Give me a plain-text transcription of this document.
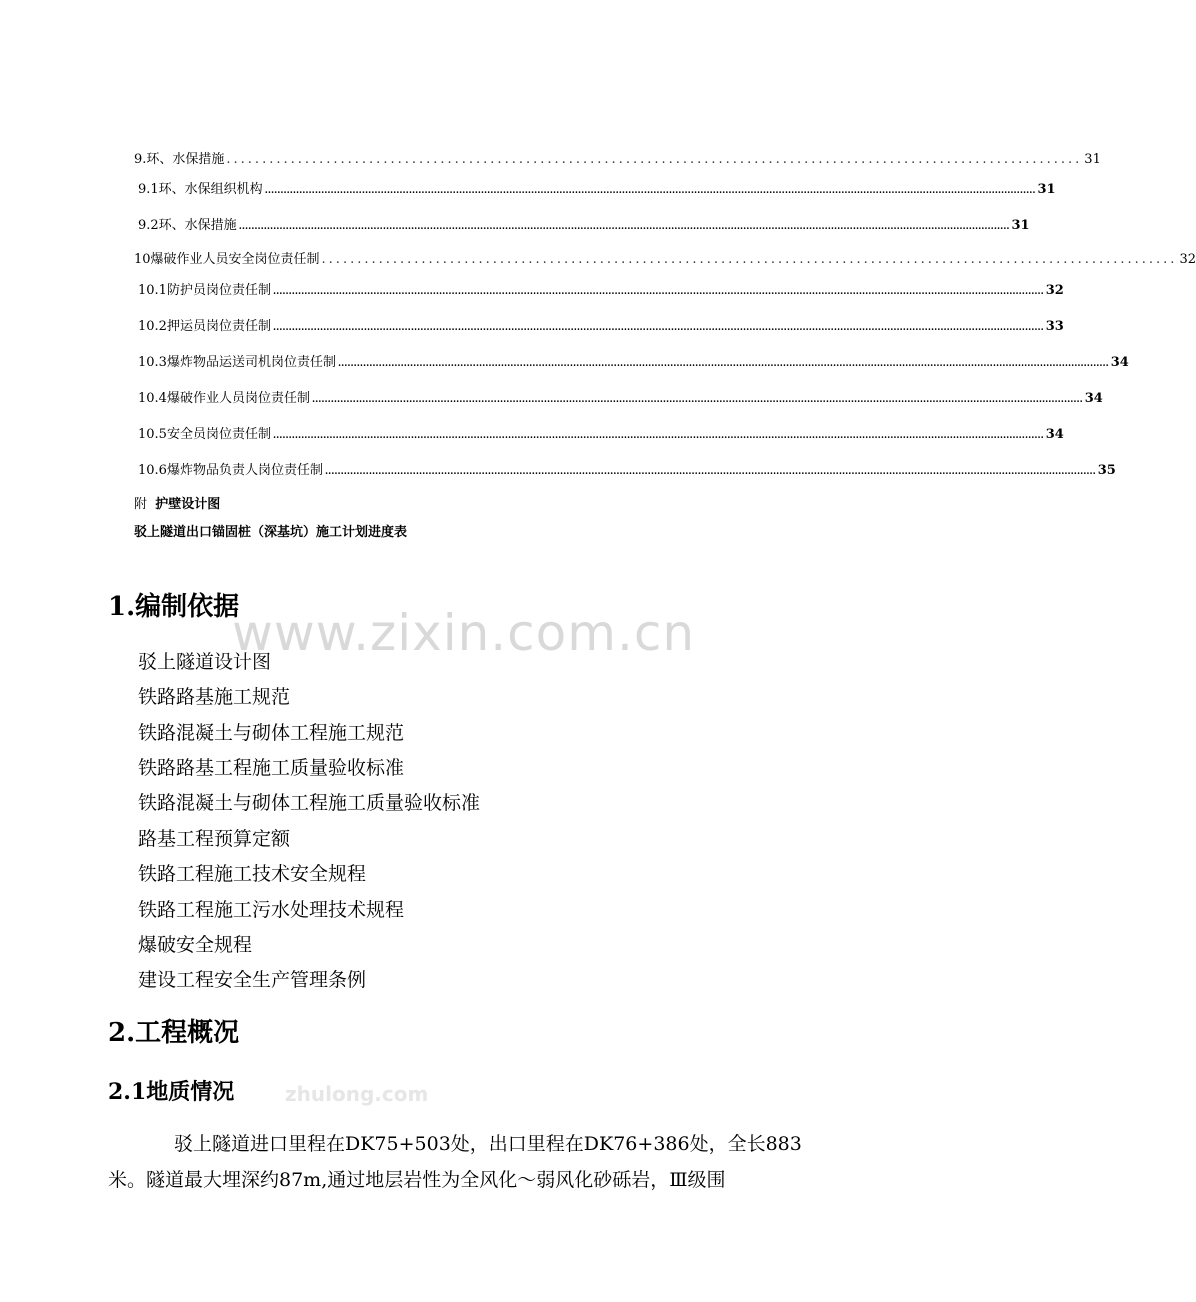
9.环、水保措施 ........................................................................................................................ 31
9.1环、水保组织机构 ...................................................................................................................................................................................................................................................... 31
9.2环、水保措施 ...................................................................................................................................................................................................................................................... 31
10爆破作业人员安全岗位责任制 ........................................................................................................................ 32
10.1防护员岗位责任制 ...................................................................................................................................................................................................................................................... 32
10.2押运员岗位责任制 ...................................................................................................................................................................................................................................................... 33
10.3爆炸物品运送司机岗位责任制 ...................................................................................................................................................................................................................................................... 34
10.4爆破作业人员岗位责任制 ...................................................................................................................................................................................................................................................... 34
10.5安全员岗位责任制 ...................................................................................................................................................................................................................................................... 34
10.6爆炸物品负责人岗位责任制 ...................................................................................................................................................................................................................................................... 35
附 护壁设计图
驳上隧道出口锚固桩（深基坑）施工计划进度表
www.zixin.com.cn
zhulong.com
1.编制依据
驳上隧道设计图
铁路路基施工规范
铁路混凝土与砌体工程施工规范
铁路路基工程施工质量验收标准
铁路混凝土与砌体工程施工质量验收标准
路基工程预算定额
铁路工程施工技术安全规程
铁路工程施工污水处理技术规程
爆破安全规程
建设工程安全生产管理条例
2.工程概况
2.1地质情况
驳上隧道进口里程在DK75+503处，出口里程在DK76+386处，全长883米。隧道最大埋深约87m,通过地层岩性为全风化～弱风化砂砾岩，Ⅲ级围
